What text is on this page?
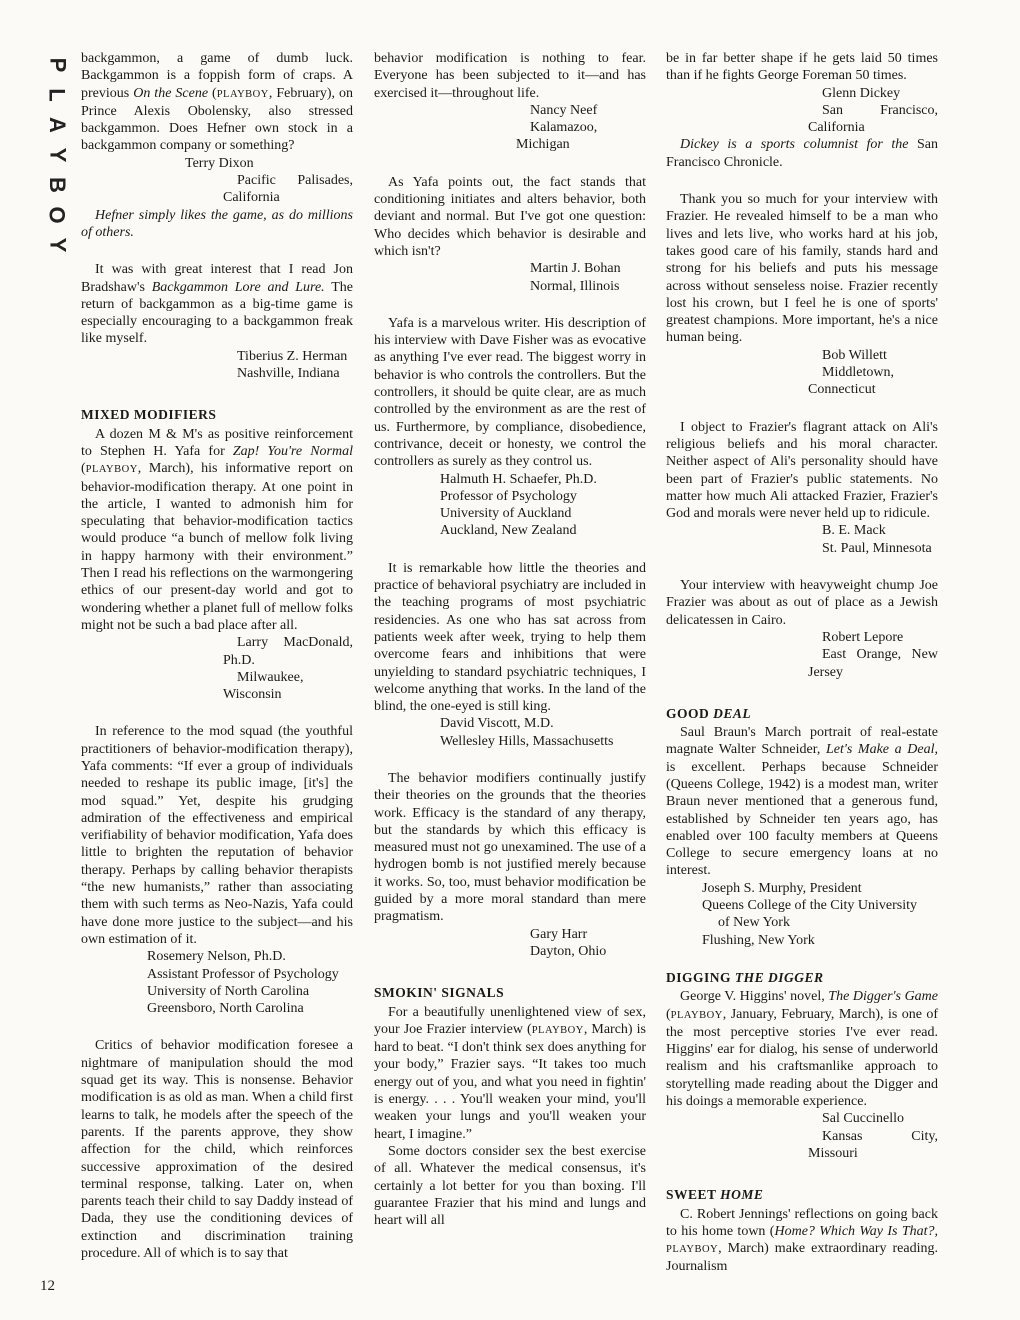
P
L
A
Y
B
O
Y
12

backgammon, a game of dumb luck. Backgammon is a foppish form of craps. A previous On the Scene (PLAYBOY, February), on Prince Alexis Obolensky, also stressed backgammon. Does Hefner own stock in a backgammon company or something?

Terry Dixon

Pacific Palisades, California

Hefner simply likes the game, as do millions of others.

It was with great interest that I read Jon Bradshaw's Backgammon Lore and Lure. The return of backgammon as a big-time game is especially encouraging to a backgammon freak like myself.

Tiberius Z. Herman

Nashville, Indiana

MIXED MODIFIERS

A dozen M & M's as positive reinforcement to Stephen H. Yafa for Zap! You're Normal (PLAYBOY, March), his informative report on behavior-modification therapy. At one point in the article, I wanted to admonish him for speculating that behavior-modification tactics would produce “a bunch of mellow folk living in happy harmony with their environment.” Then I read his reflections on the warmongering ethics of our present-day world and got to wondering whether a planet full of mellow folks might not be such a bad place after all.

Larry MacDonald, Ph.D.

Milwaukee, Wisconsin

In reference to the mod squad (the youthful practitioners of behavior-modification therapy), Yafa comments: “If ever a group of individuals needed to reshape its public image, [it's] the mod squad.” Yet, despite his grudging admiration of the effectiveness and empirical verifiability of behavior modification, Yafa does little to brighten the reputation of behavior therapy. Perhaps by calling behavior therapists “the new humanists,” rather than associating them with such terms as Neo-Nazis, Yafa could have done more justice to the subject—and his own estimation of it.

Rosemery Nelson, Ph.D.

Assistant Professor of Psychology

University of North Carolina

Greensboro, North Carolina

Critics of behavior modification foresee a nightmare of manipulation should the mod squad get its way. This is nonsense. Behavior modification is as old as man. When a child first learns to talk, he models after the speech of the parents. If the parents approve, they show affection for the child, which reinforces successive approximation of the desired terminal response, talking. Later on, when parents teach their child to say Daddy instead of Dada, they use the conditioning devices of extinction and discrimination training procedure. All of which is to say that

behavior modification is nothing to fear. Everyone has been subjected to it—and has exercised it—throughout life.

Nancy Neef

Kalamazoo, Michigan

As Yafa points out, the fact stands that conditioning initiates and alters behavior, both deviant and normal. But I've got one question: Who decides which behavior is desirable and which isn't?

Martin J. Bohan

Normal, Illinois

Yafa is a marvelous writer. His description of his interview with Dave Fisher was as evocative as anything I've ever read. The biggest worry in behavior is who controls the controllers. But the controllers, it should be quite clear, are as much controlled by the environment as are the rest of us. Furthermore, by compliance, disobedience, contrivance, deceit or honesty, we control the controllers as surely as they control us.

Halmuth H. Schaefer, Ph.D.

Professor of Psychology

University of Auckland

Auckland, New Zealand

It is remarkable how little the theories and practice of behavioral psychiatry are included in the teaching programs of most psychiatric residencies. As one who has sat across from patients week after week, trying to help them overcome fears and inhibitions that were unyielding to standard psychiatric techniques, I welcome anything that works. In the land of the blind, the one-eyed is still king.

David Viscott, M.D.

Wellesley Hills, Massachusetts

The behavior modifiers continually justify their theories on the grounds that the theories work. Efficacy is the standard of any therapy, but the standards by which this efficacy is measured must not go unexamined. The use of a hydrogen bomb is not justified merely because it works. So, too, must behavior modification be guided by a more moral standard than mere pragmatism.

Gary Harr

Dayton, Ohio

SMOKIN' SIGNALS

For a beautifully unenlightened view of sex, your Joe Frazier interview (PLAYBOY, March) is hard to beat. “I don't think sex does anything for your body,” Frazier says. “It takes too much energy out of you, and what you need in fightin' is energy. . . . You'll weaken your mind, you'll weaken your lungs and you'll weaken your heart, I imagine.”

Some doctors consider sex the best exercise of all. Whatever the medical consensus, it's certainly a lot better for you than boxing. I'll guarantee Frazier that his mind and lungs and heart will all

be in far better shape if he gets laid 50 times than if he fights George Foreman 50 times.

Glenn Dickey

San Francisco, California

Dickey is a sports columnist for the San Francisco Chronicle.

Thank you so much for your interview with Frazier. He revealed himself to be a man who lives and lets live, who works hard at his job, takes good care of his family, stands hard and strong for his beliefs and puts his message across without senseless noise. Frazier recently lost his crown, but I feel he is one of sports' greatest champions. More important, he's a nice human being.

Bob Willett

Middletown, Connecticut

I object to Frazier's flagrant attack on Ali's religious beliefs and his moral character. Neither aspect of Ali's personality should have been part of Frazier's public statements. No matter how much Ali attacked Frazier, Frazier's God and morals were never held up to ridicule.

B. E. Mack

St. Paul, Minnesota

Your interview with heavyweight chump Joe Frazier was about as out of place as a Jewish delicatessen in Cairo.

Robert Lepore

East Orange, New Jersey

GOOD DEAL

Saul Braun's March portrait of real-estate magnate Walter Schneider, Let's Make a Deal, is excellent. Perhaps because Schneider (Queens College, 1942) is a modest man, writer Braun never mentioned that a generous fund, established by Schneider ten years ago, has enabled over 100 faculty members at Queens College to secure emergency loans at no interest.

Joseph S. Murphy, President

Queens College of the City University

of New York

Flushing, New York

DIGGING THE DIGGER

George V. Higgins' novel, The Digger's Game (PLAYBOY, January, February, March), is one of the most perceptive stories I've ever read. Higgins' ear for dialog, his sense of underworld realism and his craftsmanlike approach to storytelling made reading about the Digger and his doings a memorable experience.

Sal Cuccinello

Kansas City, Missouri

SWEET HOME

C. Robert Jennings' reflections on going back to his home town (Home? Which Way Is That?, PLAYBOY, March) make extraordinary reading. Journalism
